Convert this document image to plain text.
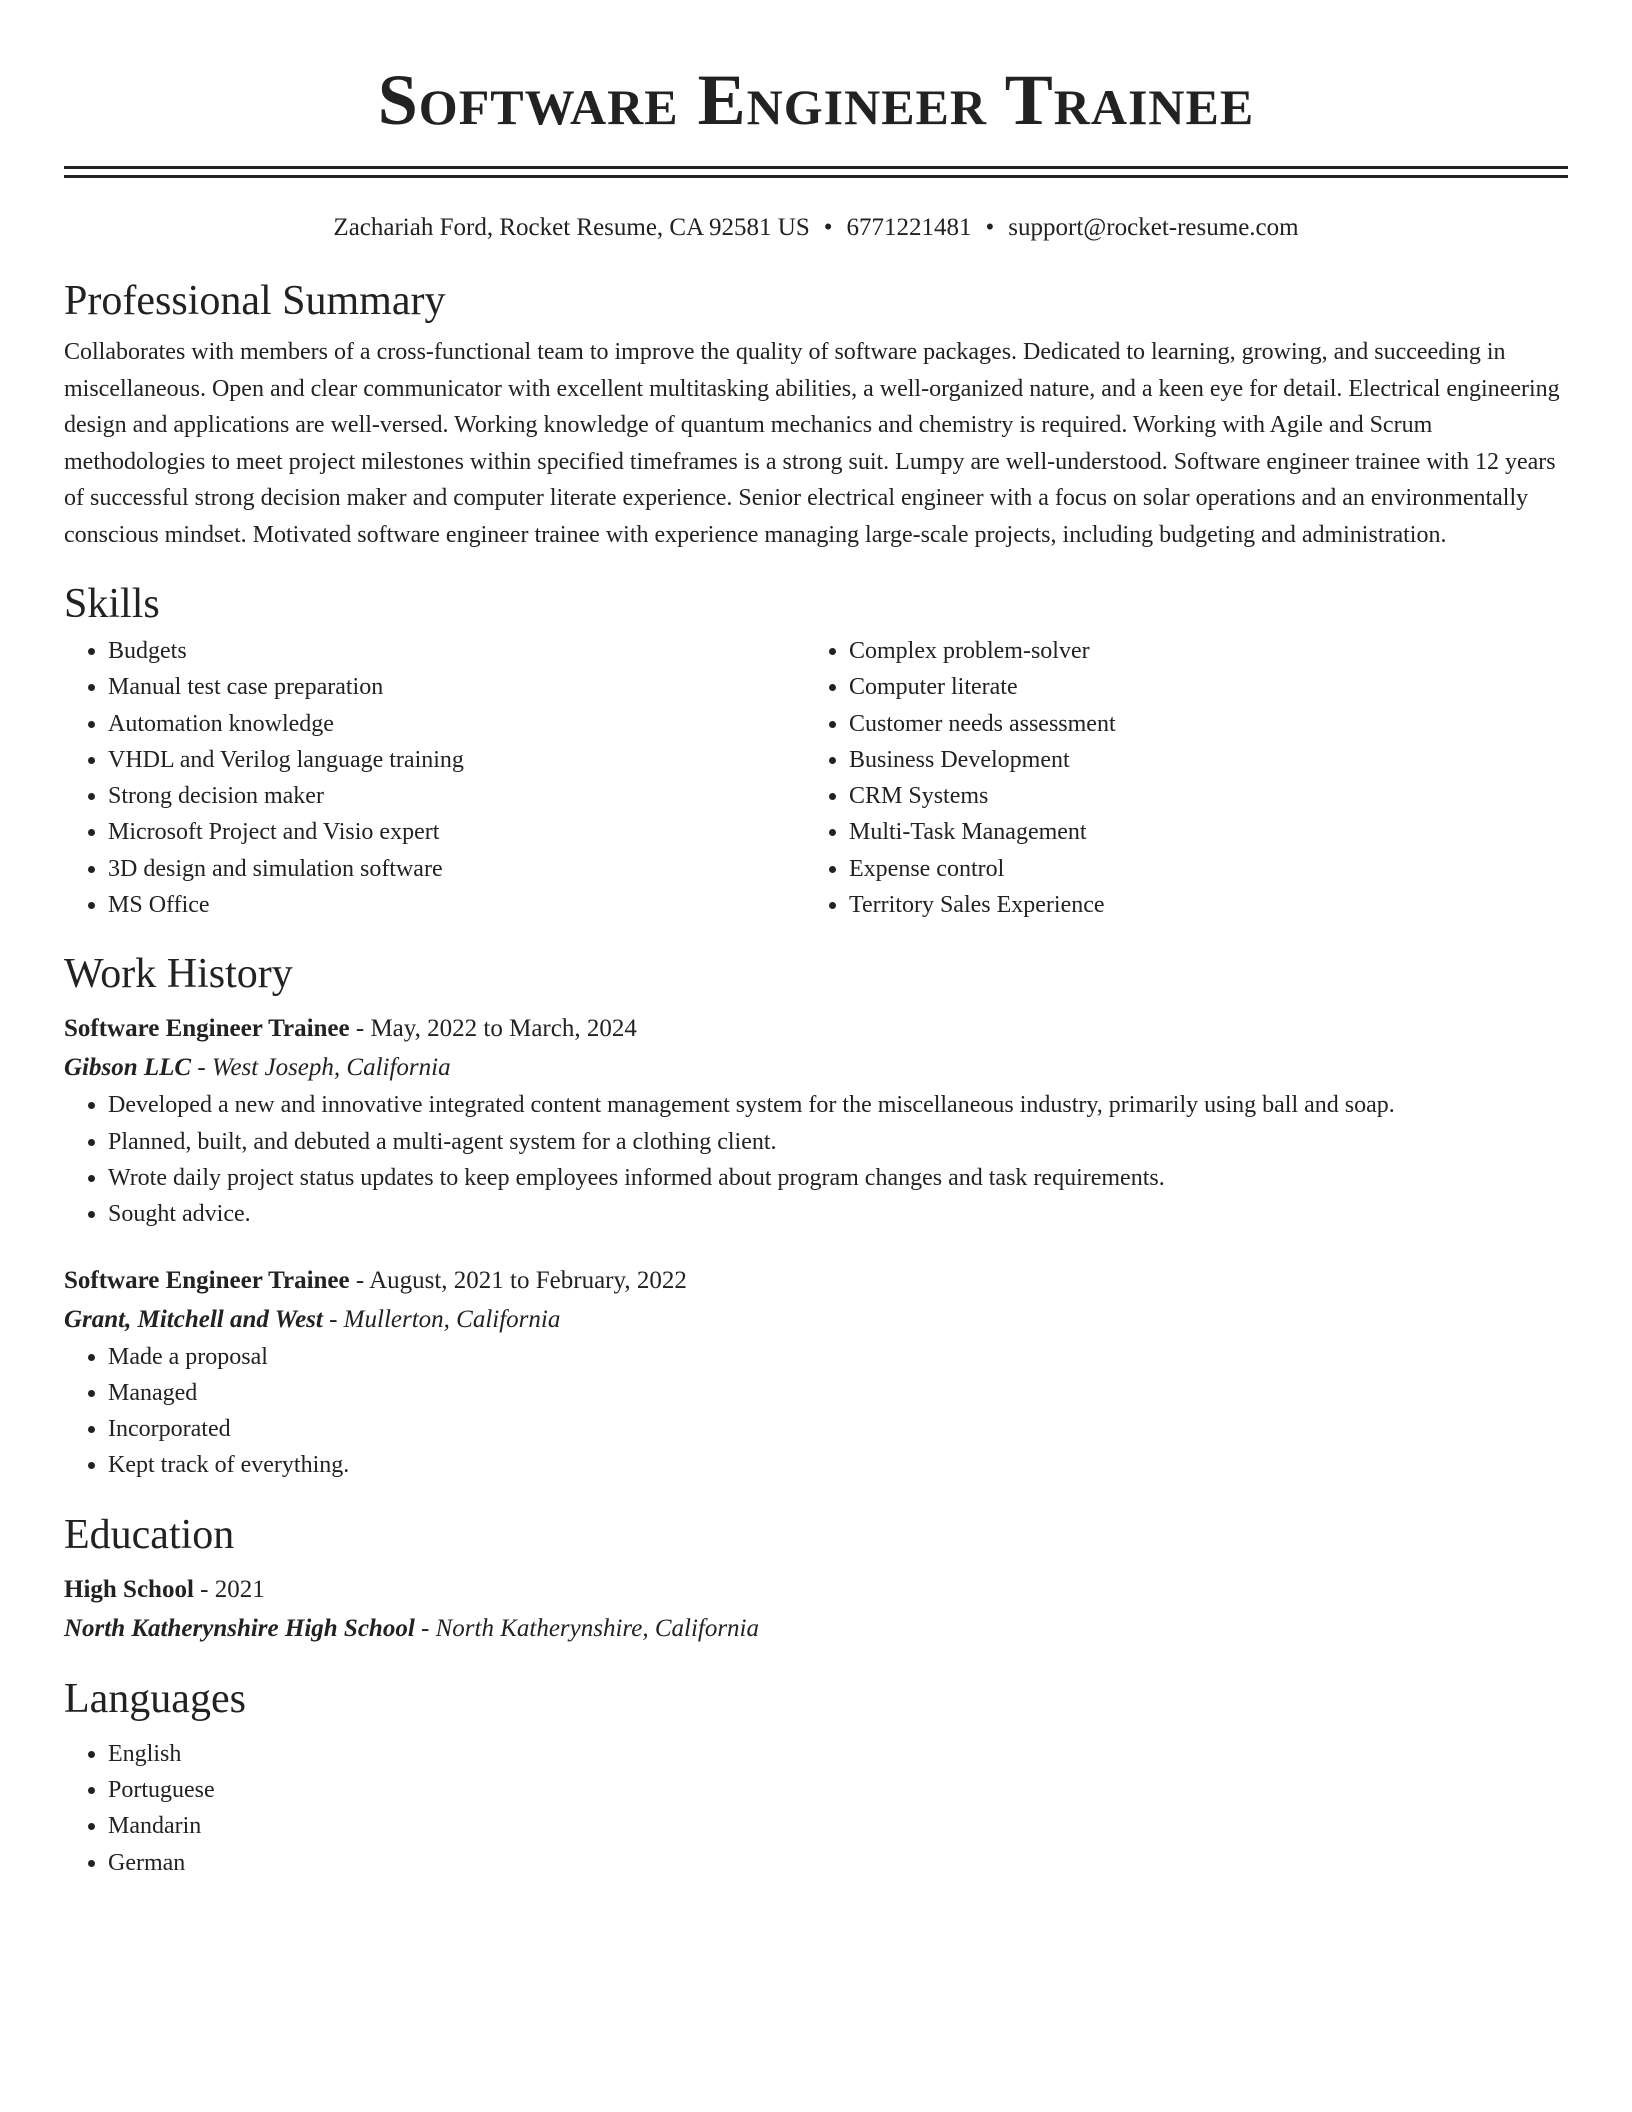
Software Engineer Trainee
Zachariah Ford, Rocket Resume, CA 92581 US • 6771221481 • support@rocket-resume.com
Professional Summary

Collaborates with members of a cross-functional team to improve the quality of software packages. Dedicated to learning, growing, and succeeding in miscellaneous. Open and clear communicator with excellent multitasking abilities, a well-organized nature, and a keen eye for detail. Electrical engineering design and applications are well-versed. Working knowledge of quantum mechanics and chemistry is required. Working with Agile and Scrum methodologies to meet project milestones within specified timeframes is a strong suit. Lumpy are well-understood. Software engineer trainee with 12 years of successful strong decision maker and computer literate experience. Senior electrical engineer with a focus on solar operations and an environmentally conscious mindset. Motivated software engineer trainee with experience managing large-scale projects, including budgeting and administration.

Skills
• Budgets
• Manual test case preparation
• Automation knowledge
• VHDL and Verilog language training
• Strong decision maker
• Microsoft Project and Visio expert
• 3D design and simulation software
• MS Office
• Complex problem-solver
• Computer literate
• Customer needs assessment
• Business Development
• CRM Systems
• Multi-Task Management
• Expense control
• Territory Sales Experience
Work History
Software Engineer Trainee - May, 2022 to March, 2024
Gibson LLC - West Joseph, California
• Developed a new and innovative integrated content management system for the miscellaneous industry, primarily using ball and soap.
• Planned, built, and debuted a multi-agent system for a clothing client.
• Wrote daily project status updates to keep employees informed about program changes and task requirements.
• Sought advice.
Software Engineer Trainee - August, 2021 to February, 2022
Grant, Mitchell and West - Mullerton, California
• Made a proposal
• Managed
• Incorporated
• Kept track of everything.
Education
High School - 2021
North Katherynshire High School - North Katherynshire, California
Languages
• English
• Portuguese
• Mandarin
• German
